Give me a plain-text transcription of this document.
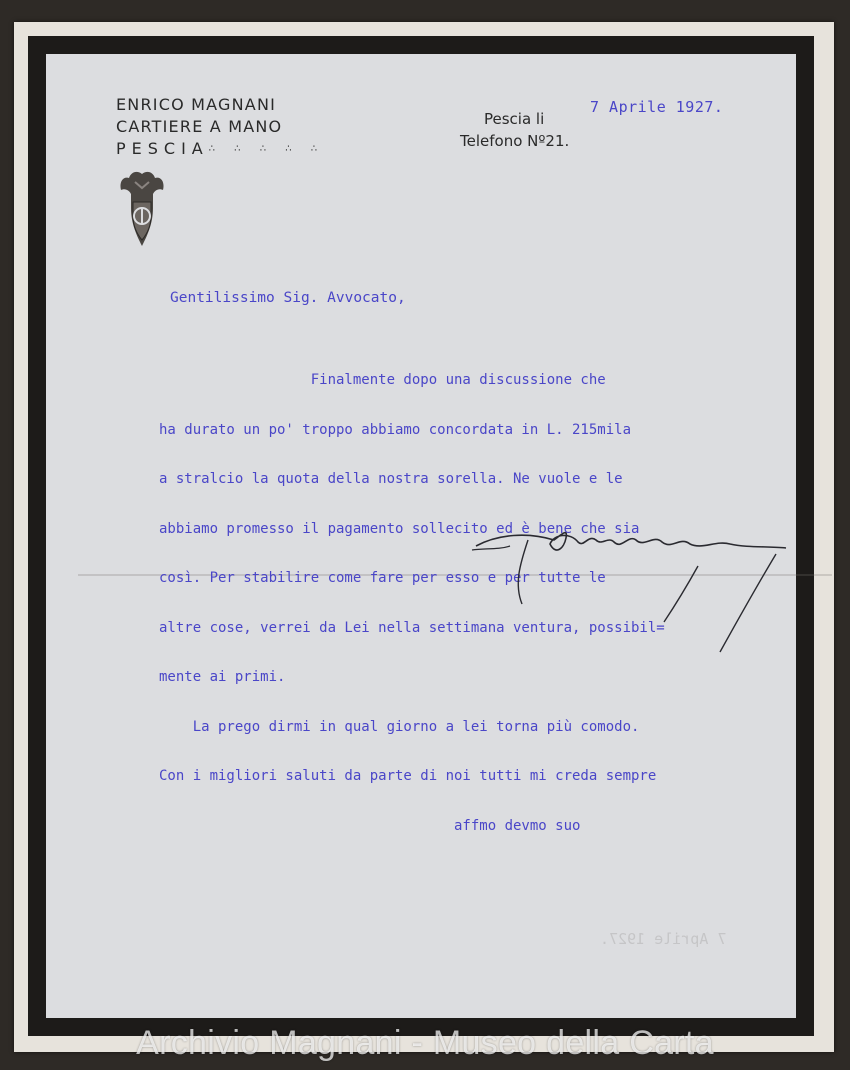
7 Aprile 1927.
ENRICO MAGNANI
CARTIERE A MANO
PESCIA∴ ∴ ∴ ∴ ∴
Pescia li
Telefono Nº21.
7 Aprile 1927.
Gentilissimo Sig. Avvocato,

Finalmente dopo una discussione che

ha durato un po' troppo abbiamo concordata in L. 215mila

a stralcio la quota della nostra sorella. Ne vuole e le

abbiamo promesso il pagamento sollecito ed è bene che sia

così. Per stabilire come fare per esso e per tutte le

altre cose, verrei da Lei nella settimana ventura, possibil=

mente ai primi.

La prego dirmi in qual giorno a lei torna più comodo.

Con i migliori saluti da parte di noi tutti mi creda sempre

affmo devmo suo

Archivio Magnani - Museo della Carta
